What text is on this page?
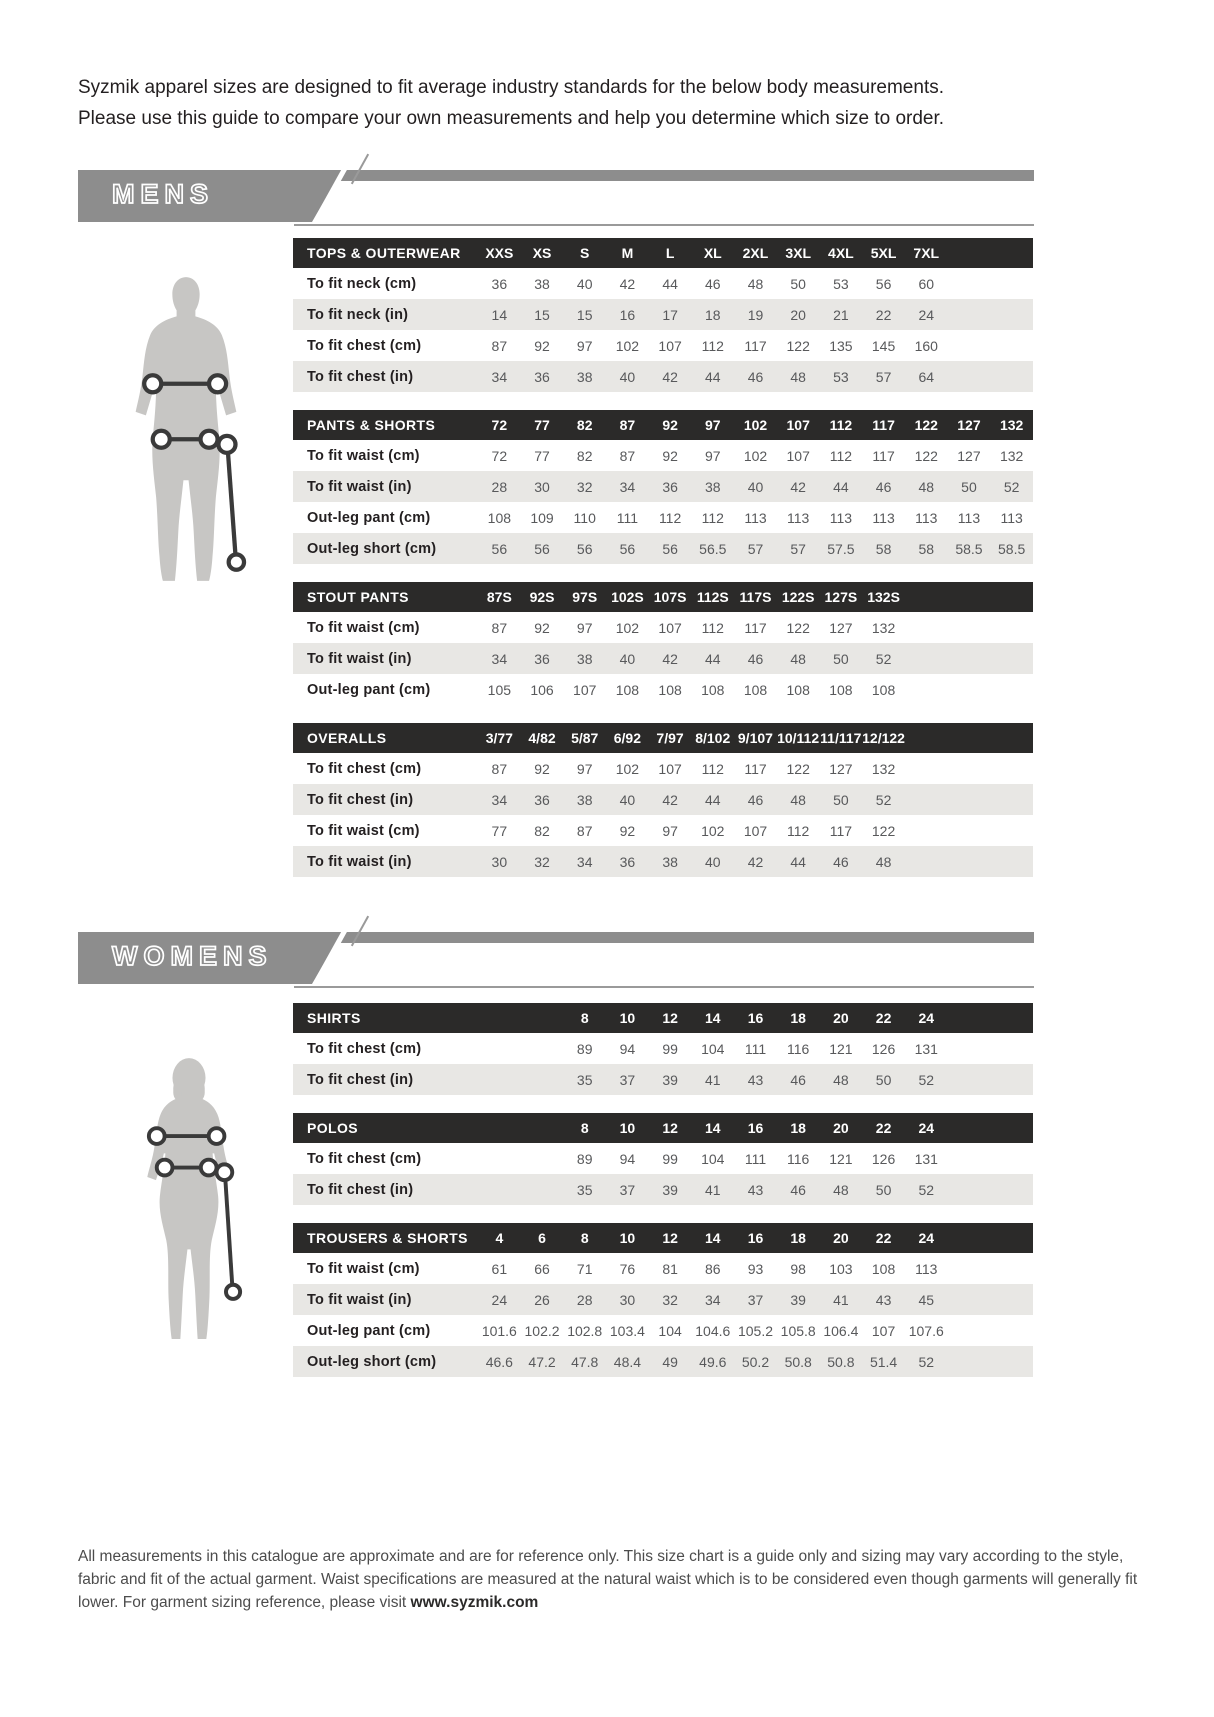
Syzmik apparel sizes are designed to fit average industry standards for the below body measurements.
Please use this guide to compare your own measurements and help you determine which size to order.

MENS
TOPS & OUTERWEAR	XXS	XS	S	M	L	XL	2XL	3XL	4XL	5XL	7XL
To fit neck (cm)	36	38	40	42	44	46	48	50	53	56	60
To fit neck (in)	14	15	15	16	17	18	19	20	21	22	24
To fit chest (cm)	87	92	97	102	107	112	117	122	135	145	160
To fit chest (in)	34	36	38	40	42	44	46	48	53	57	64
PANTS & SHORTS	72	77	82	87	92	97	102	107	112	117	122	127	132
To fit waist (cm)	72	77	82	87	92	97	102	107	112	117	122	127	132
To fit waist (in)	28	30	32	34	36	38	40	42	44	46	48	50	52
Out-leg pant (cm)	108	109	110	111	112	112	113	113	113	113	113	113	113
Out-leg short (cm)	56	56	56	56	56	56.5	57	57	57.5	58	58	58.5	58.5
STOUT PANTS	87S	92S	97S 102S 107S 112S 117S 122S 127S 132S
To fit waist (cm)	87	92	97	102	107	112	117	122	127	132
To fit waist (in)	34	36	38	40	42	44	46	48	50	52
Out-leg pant (cm)	105	106	107	108	108	108	108	108	108	108
OVERALLS	3/77	4/82	5/87	6/92	7/97 8/102 9/107 10/112 11/117 12/122
To fit chest (cm)	87	92	97	102	107	112	117	122	127	132
To fit chest (in)	34	36	38	40	42	44	46	48	50	52
To fit waist (cm)	77	82	87	92	97	102	107	112	117	122
To fit waist (in)	30	32	34	36	38	40	42	44	46	48
WOMENS
SHIRTS	8	10	12	14	16	18	20	22	24
To fit chest (cm)	89	94	99	104	111	116	121	126	131
To fit chest (in)	35	37	39	41	43	46	48	50	52
POLOS	8	10	12	14	16	18	20	22	24
To fit chest (cm)	89	94	99	104	111	116	121	126	131
To fit chest (in)	35	37	39	41	43	46	48	50	52
TROUSERS & SHORTS	4	6	8	10	12	14	16	18	20	22	24
To fit waist (cm)	61	66	71	76	81	86	93	98	103	108	113
To fit waist (in)	24	26	28	30	32	34	37	39	41	43	45
Out-leg pant (cm)	101.6 102.2 102.8 103.4 104 104.6 105.2 105.8 106.4 107 107.6
Out-leg short (cm)	46.6	47.2	47.8	48.4	49	49.6	50.2	50.8	50.8	51.4	52

All measurements in this catalogue are approximate and are for reference only. This size chart is a guide only and sizing may vary according to the style, fabric and fit of the actual garment. Waist specifications are measured at the natural waist which is to be considered even though garments will generally fit lower. For garment sizing reference, please visit www.syzmik.com
